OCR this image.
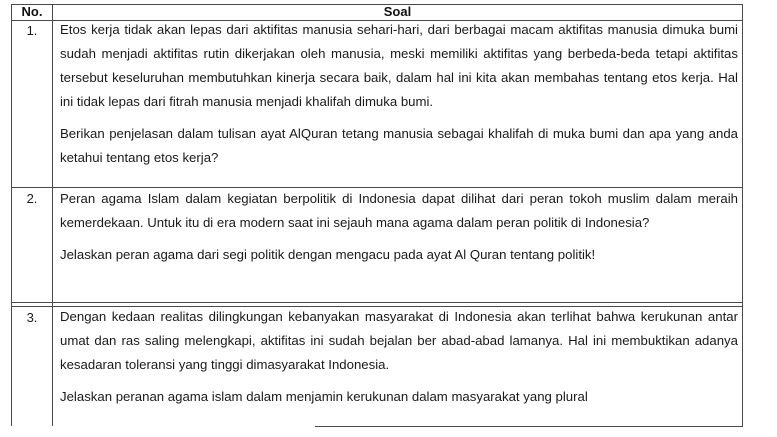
No.	Soal
1.	Etos kerja tidak akan lepas dari aktifitas manusia sehari-hari, dari berbagai macam aktifitas manusia dimuka bumi sudah menjadi aktifitas rutin dikerjakan oleh manusia, meski memiliki aktifitas yang berbeda-beda tetapi aktifitas tersebut keseluruhan membutuhkan kinerja secara baik, dalam hal ini kita akan membahas tentang etos kerja. Hal ini tidak lepas dari fitrah manusia menjadi khalifah dimuka bumi.

Berikan penjelasan dalam tulisan ayat AlQuran tetang manusia sebagai khalifah di muka bumi dan apa yang anda ketahui tentang etos kerja?

2.	Peran agama Islam dalam kegiatan berpolitik di Indonesia dapat dilihat dari peran tokoh muslim dalam meraih kemerdekaan. Untuk itu di era modern saat ini sejauh mana agama dalam peran politik di Indonesia?

Jelaskan peran agama dari segi politik dengan mengacu pada ayat Al Quran tentang politik!

3.	Dengan kedaan realitas dilingkungan kebanyakan masyarakat di Indonesia akan terlihat bahwa kerukunan antar umat dan ras saling melengkapi, aktifitas ini sudah bejalan ber abad-abad lamanya. Hal ini membuktikan adanya kesadaran toleransi yang tinggi dimasyarakat Indonesia.

Jelaskan peranan agama islam dalam menjamin kerukunan dalam masyarakat yang plural
